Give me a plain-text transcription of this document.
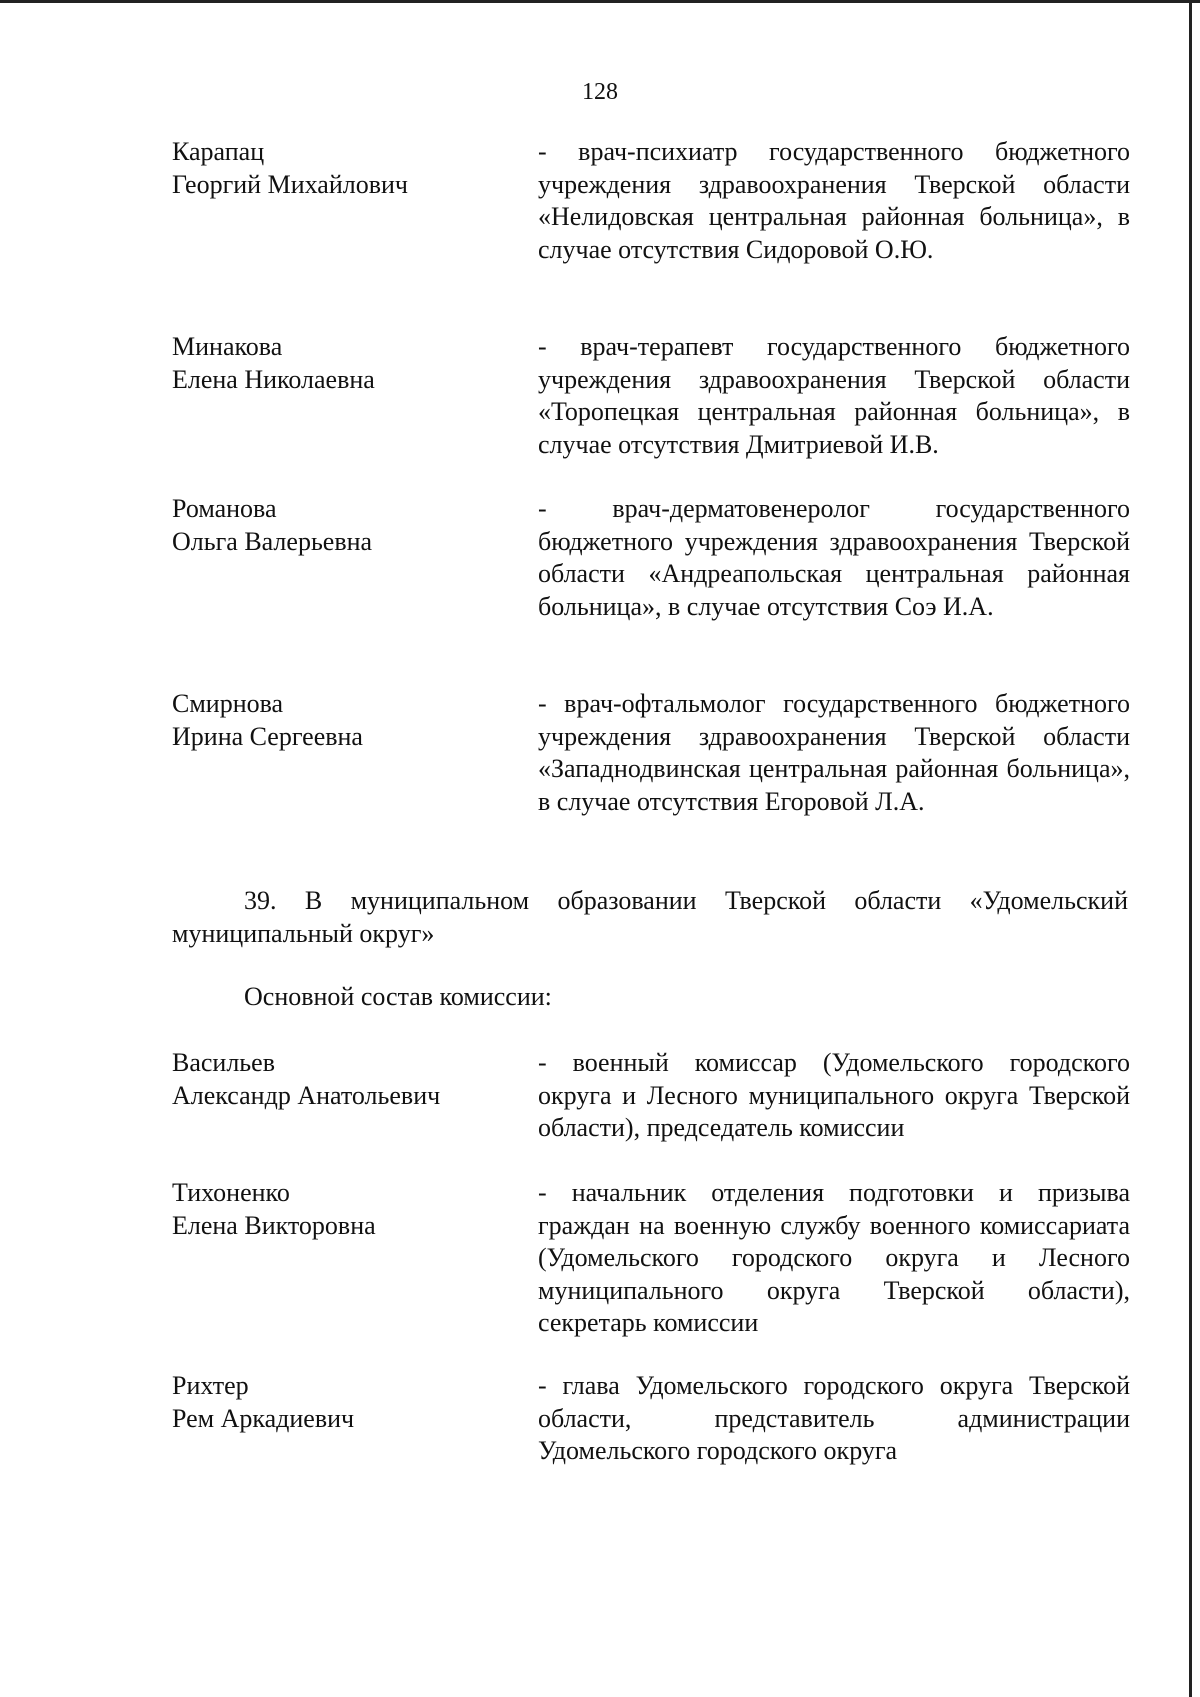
128
Карапац
Георгий Михайлович
- врач-психиатр государственного бюджетного учреждения здравоохранения Тверской области «Нелидовская центральная районная больница», в случае отсутствия Сидоровой О.Ю.
Минакова
Елена Николаевна
- врач-терапевт государственного бюджетного учреждения здравоохранения Тверской области «Торопецкая центральная районная больница», в случае отсутствия Дмитриевой И.В.
Романова
Ольга Валерьевна
- врач-дерматовенеролог государственного бюджетного учреждения здравоохранения Тверской области «Андреапольская центральная районная больница», в случае отсутствия Соэ И.А.
Смирнова
Ирина Сергеевна
- врач-офтальмолог государственного бюджетного учреждения здравоохранения Тверской области «Западнодвинская центральная районная больница», в случае отсутствия Егоровой Л.А.
39. В муниципальном образовании Тверской области «Удомельский муниципальный округ»
Основной состав комиссии:
Васильев
Александр Анатольевич
- военный комиссар (Удомельского городского округа и Лесного муниципального округа Тверской области), председатель комиссии
Тихоненко
Елена Викторовна
- начальник отделения подготовки и призыва граждан на военную службу военного комиссариата (Удомельского городского округа и Лесного муниципального округа Тверской области), секретарь комиссии
Рихтер
Рем Аркадиевич
- глава Удомельского городского округа Тверской области, представитель администрации Удомельского городского округа
